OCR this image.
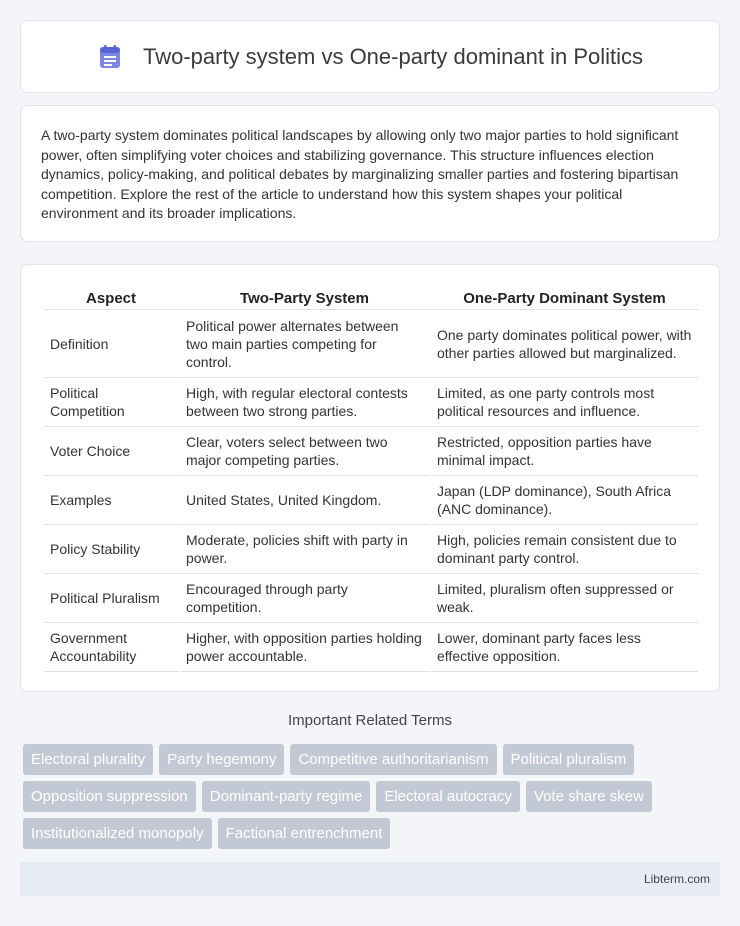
Two-party system vs One-party dominant in Politics

A two-party system dominates political landscapes by allowing only two major parties to hold significant power, often simplifying voter choices and stabilizing governance. This structure influences election dynamics, policy-making, and political debates by marginalizing smaller parties and fostering bipartisan competition. Explore the rest of the article to understand how this system shapes your political environment and its broader implications.

Aspect	Two-Party System	One-Party Dominant System
Definition	Political power alternates between two main parties competing for control.	One party dominates political power, with other parties allowed but marginalized.
Political Competition	High, with regular electoral contests between two strong parties.	Limited, as one party controls most political resources and influence.
Voter Choice	Clear, voters select between two major competing parties.	Restricted, opposition parties have minimal impact.
Examples	United States, United Kingdom.	Japan (LDP dominance), South Africa (ANC dominance).
Policy Stability	Moderate, policies shift with party in power.	High, policies remain consistent due to dominant party control.
Political Pluralism	Encouraged through party competition.	Limited, pluralism often suppressed or weak.
Government Accountability	Higher, with opposition parties holding power accountable.	Lower, dominant party faces less effective opposition.
Important Related Terms
Electoral plurality	Party hegemony	Competitive authoritarianism	Political pluralism
Opposition suppression	Dominant-party regime	Electoral autocracy	Vote share skew
Institutionalized monopoly	Factional entrenchment
Libterm.com
